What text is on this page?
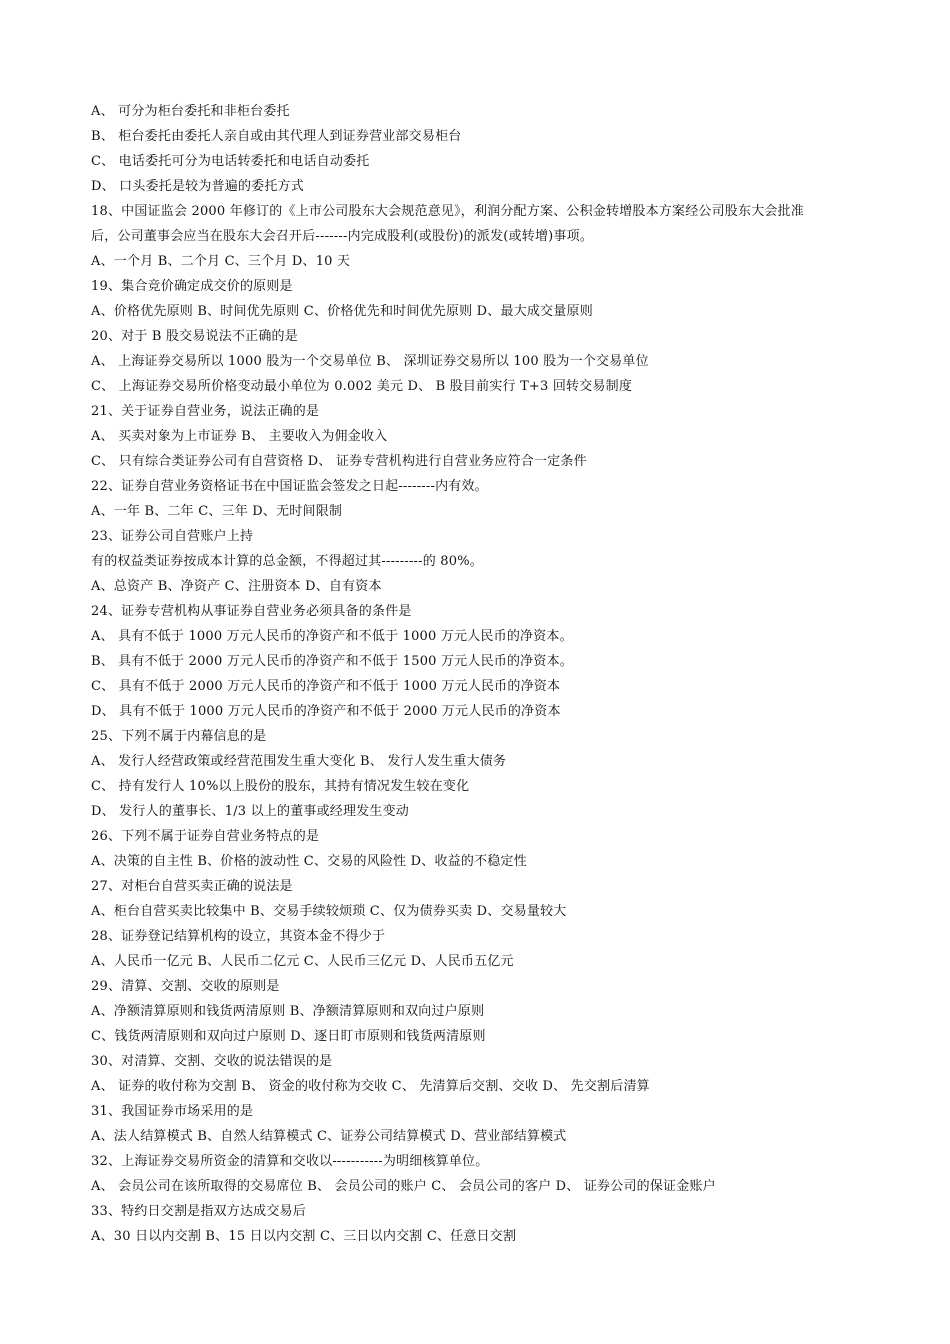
A、 可分为柜台委托和非柜台委托
B、 柜台委托由委托人亲自或由其代理人到证券营业部交易柜台
C、 电话委托可分为电话转委托和电话自动委托
D、 口头委托是较为普遍的委托方式
18、中国证监会 2000 年修订的《上市公司股东大会规范意见》，利润分配方案、公积金转增股本方案经公司股东大会批准
后，公司董事会应当在股东大会召开后-------内完成股利(或股份)的派发(或转增)事项。
A、一个月 B、二个月 C、三个月 D、10 天
19、集合竞价确定成交价的原则是
A、价格优先原则 B、时间优先原则 C、价格优先和时间优先原则 D、最大成交量原则
20、对于 B 股交易说法不正确的是
A、 上海证券交易所以 1000 股为一个交易单位 B、 深圳证券交易所以 100 股为一个交易单位
C、 上海证券交易所价格变动最小单位为 0.002 美元 D、 B 股目前实行 T+3 回转交易制度
21、关于证券自营业务，说法正确的是
A、 买卖对象为上市证券 B、 主要收入为佣金收入
C、 只有综合类证券公司有自营资格 D、 证券专营机构进行自营业务应符合一定条件
22、证券自营业务资格证书在中国证监会签发之日起--------内有效。
A、一年 B、二年 C、三年 D、无时间限制
23、证券公司自营账户上持
有的权益类证券按成本计算的总金额，不得超过其---------的 80%。
A、总资产 B、净资产 C、注册资本 D、自有资本
24、证券专营机构从事证券自营业务必须具备的条件是
A、 具有不低于 1000 万元人民币的净资产和不低于 1000 万元人民币的净资本。
B、 具有不低于 2000 万元人民币的净资产和不低于 1500 万元人民币的净资本。
C、 具有不低于 2000 万元人民币的净资产和不低于 1000 万元人民币的净资本
D、 具有不低于 1000 万元人民币的净资产和不低于 2000 万元人民币的净资本
25、下列不属于内幕信息的是
A、 发行人经营政策或经营范围发生重大变化 B、 发行人发生重大债务
C、 持有发行人 10%以上股份的股东，其持有情况发生较在变化
D、 发行人的董事长、1/3 以上的董事或经理发生变动
26、下列不属于证券自营业务特点的是
A、决策的自主性 B、价格的波动性 C、交易的风险性 D、收益的不稳定性
27、对柜台自营买卖正确的说法是
A、柜台自营买卖比较集中 B、交易手续较烦琐 C、仅为债券买卖 D、交易量较大
28、证券登记结算机构的设立，其资本金不得少于
A、人民币一亿元 B、人民币二亿元 C、人民币三亿元 D、人民币五亿元
29、清算、交割、交收的原则是
A、净额清算原则和钱货两清原则 B、净额清算原则和双向过户原则
C、钱货两清原则和双向过户原则 D、逐日盯市原则和钱货两清原则
30、对清算、交割、交收的说法错误的是
A、 证券的收付称为交割 B、 资金的收付称为交收 C、 先清算后交割、交收 D、 先交割后清算
31、我国证券市场采用的是
A、法人结算模式 B、自然人结算模式 C、证券公司结算模式 D、营业部结算模式
32、上海证券交易所资金的清算和交收以-----------为明细核算单位。
A、 会员公司在该所取得的交易席位 B、 会员公司的账户 C、 会员公司的客户 D、 证券公司的保证金账户
33、特约日交割是指双方达成交易后
A、30 日以内交割 B、15 日以内交割 C、三日以内交割 C、任意日交割
